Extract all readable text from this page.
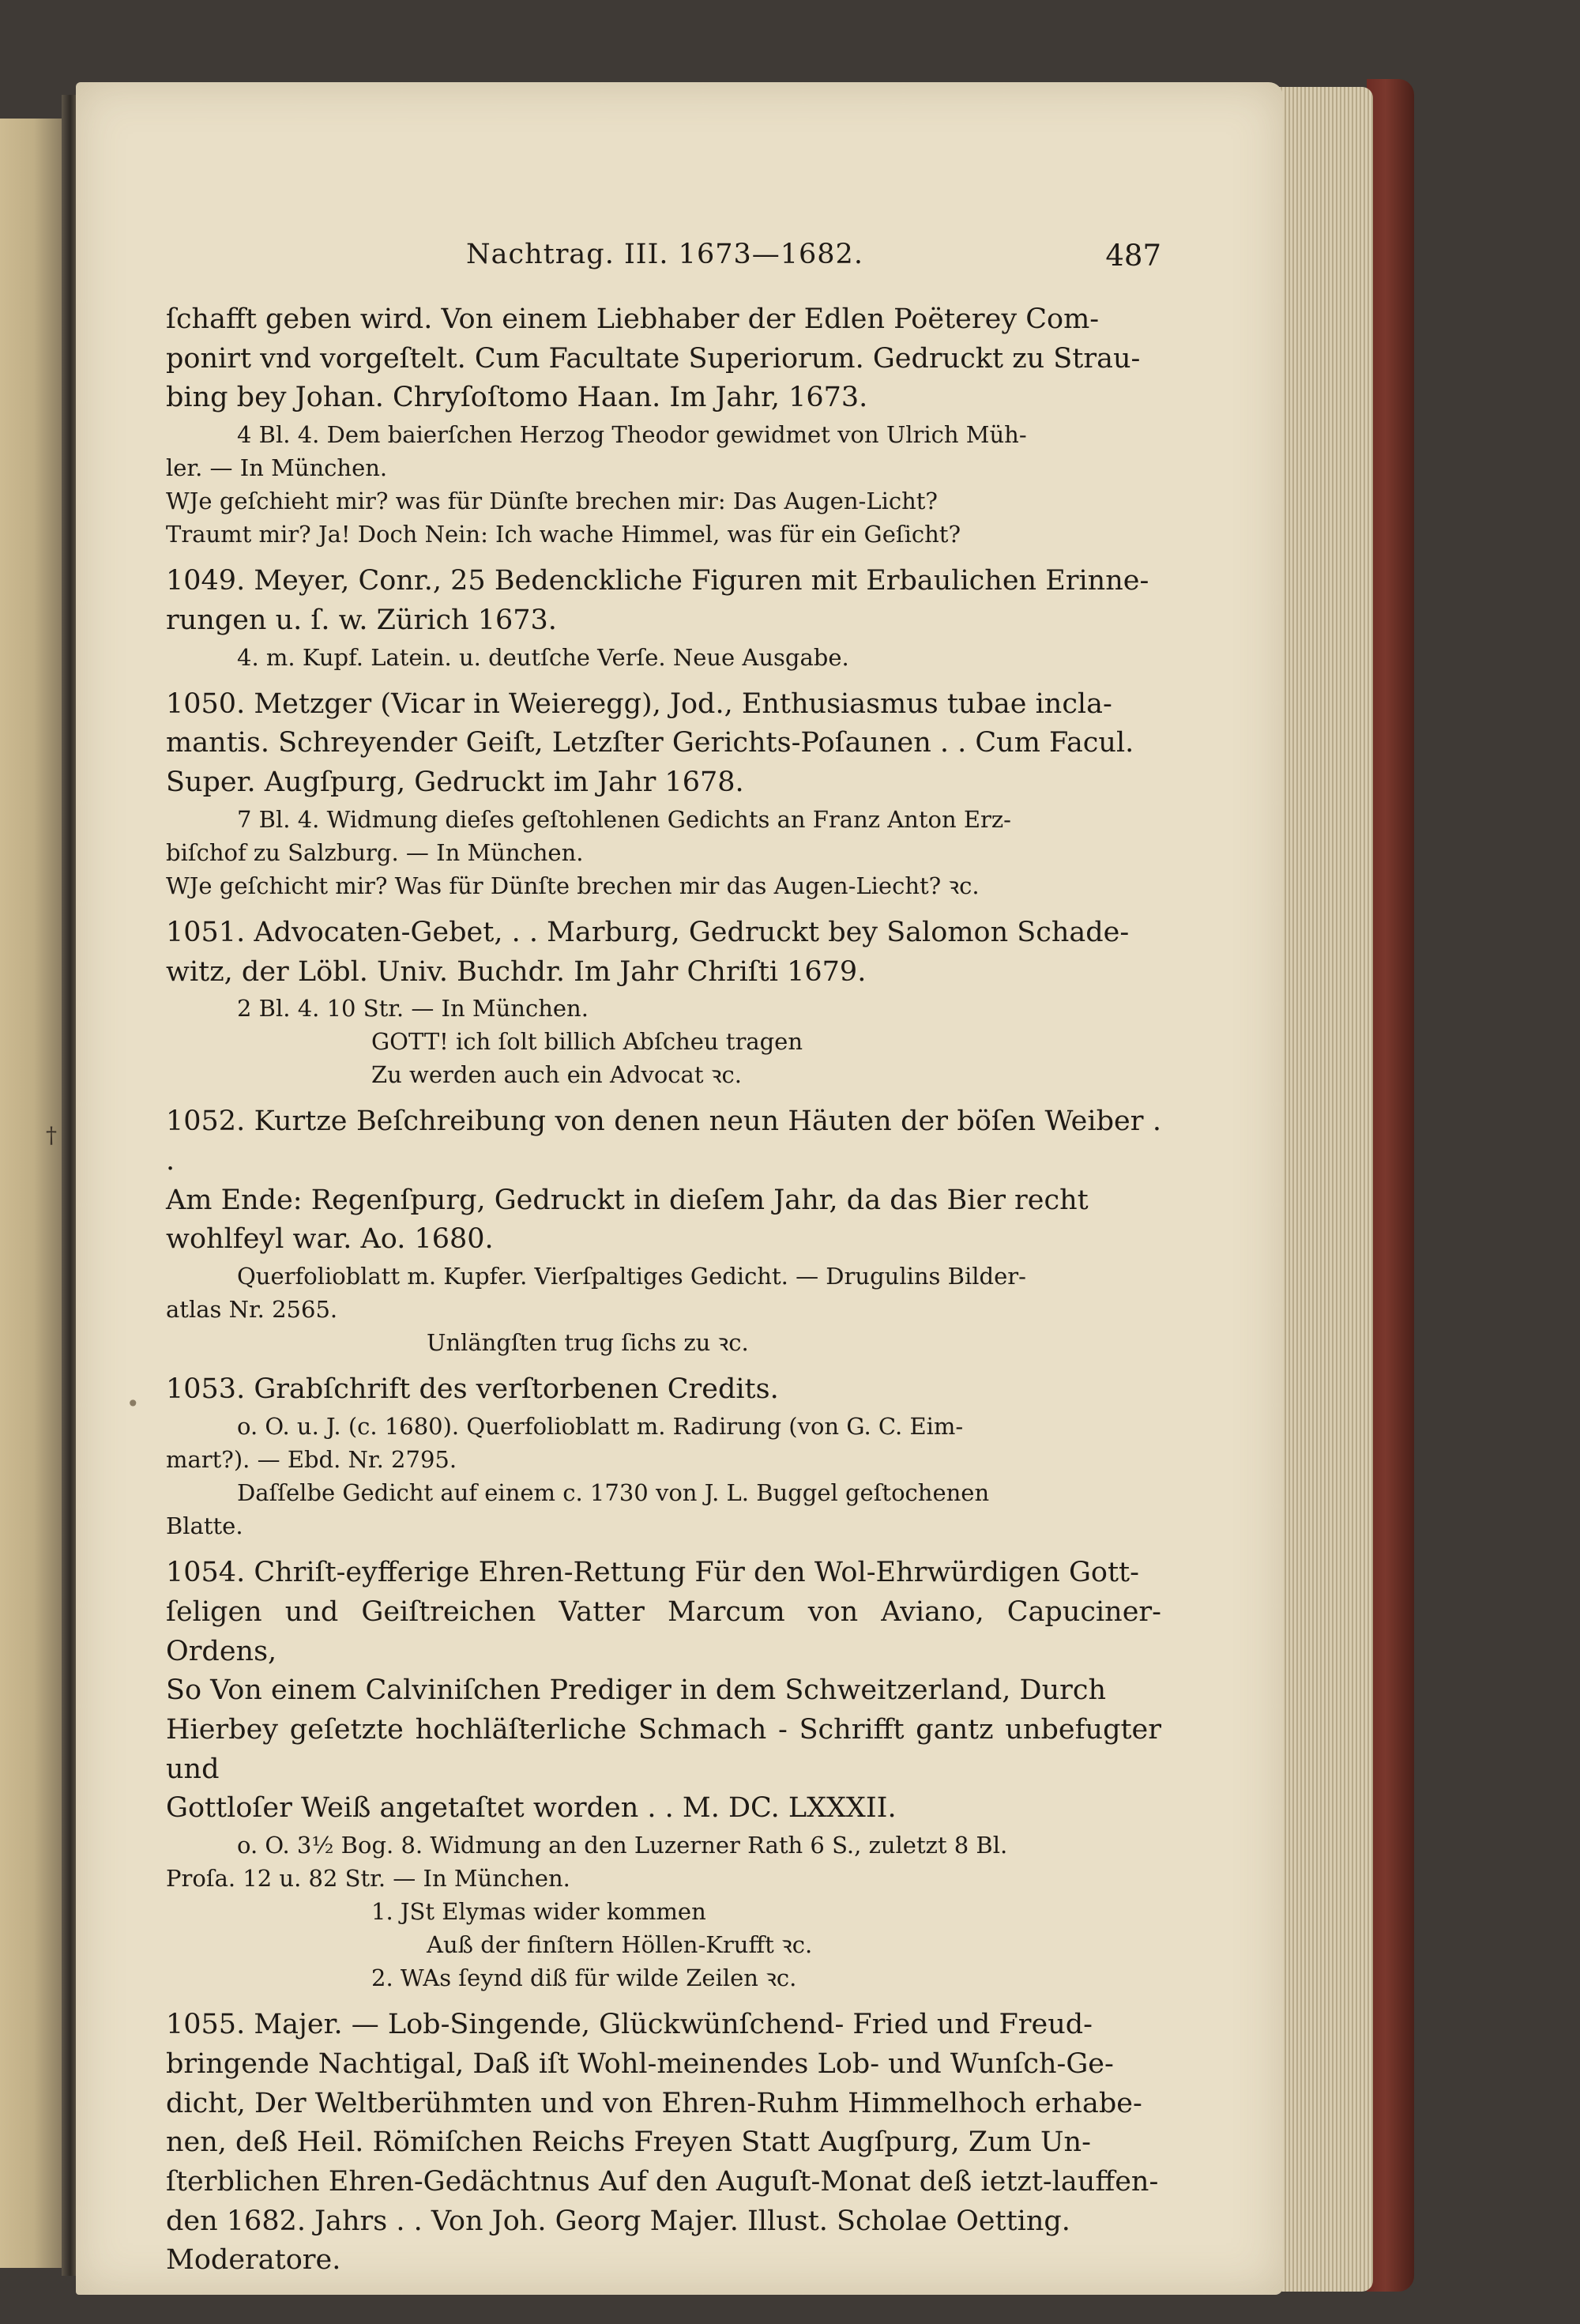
†
•
Nachtrag. III. 1673—1682.	487

ſchafft geben wird. Von einem Liebhaber der Edlen Poëterey Com-

ponirt vnd vorgeſtelt. Cum Facultate Superiorum. Gedruckt zu Strau-

bing bey Johan. Chryſoſtomo Haan. Im Jahr, 1673.

4 Bl. 4. Dem baierſchen Herzog Theodor gewidmet von Ulrich Müh-

ler. — In München.

WJe geſchieht mir? was für Dünſte brechen mir: Das Augen-Licht?

Traumt mir? Ja! Doch Nein: Ich wache Himmel, was für ein Geſicht?

1049. Meyer, Conr., 25 Bedenckliche Figuren mit Erbaulichen Erinne-

rungen u. ſ. w. Zürich 1673.

4. m. Kupf. Latein. u. deutſche Verſe. Neue Ausgabe.

1050. Metzger (Vicar in Weieregg), Jod., Enthusiasmus tubae incla-

mantis. Schreyender Geiſt, Letzſter Gerichts-Poſaunen . . Cum Facul.

Super. Augſpurg, Gedruckt im Jahr 1678.

7 Bl. 4. Widmung dieſes geſtohlenen Gedichts an Franz Anton Erz-

biſchof zu Salzburg. — In München.

WJe geſchicht mir? Was für Dünſte brechen mir das Augen-Liecht? ꝛc.

1051. Advocaten-Gebet, . . Marburg, Gedruckt bey Salomon Schade-

witz, der Löbl. Univ. Buchdr. Im Jahr Chriſti 1679.

2 Bl. 4. 10 Str. — In München.

GOTT! ich ſolt billich Abſcheu tragen

Zu werden auch ein Advocat ꝛc.

1052. Kurtze Beſchreibung von denen neun Häuten der böſen Weiber . .

Am Ende: Regenſpurg, Gedruckt in dieſem Jahr, da das Bier recht

wohlfeyl war. Ao. 1680.

Querfolioblatt m. Kupfer. Vierſpaltiges Gedicht. — Drugulins Bilder-

atlas Nr. 2565.

Unlängſten trug ſichs zu ꝛc.

1053. Grabſchrift des verſtorbenen Credits.

o. O. u. J. (c. 1680). Querfolioblatt m. Radirung (von G. C. Eim-

mart?). — Ebd. Nr. 2795.

Daſſelbe Gedicht auf einem c. 1730 von J. L. Buggel geſtochenen

Blatte.

1054. Chriſt-eyfferige Ehren-Rettung Für den Wol-Ehrwürdigen Gott-

ſeligen und Geiſtreichen Vatter Marcum von Aviano, Capuciner-Ordens,

So Von einem Calviniſchen Prediger in dem Schweitzerland, Durch

Hierbey geſetzte hochläſterliche Schmach - Schrifft gantz unbefugter und

Gottloſer Weiß angetaſtet worden . . M. DC. LXXXII.

o. O. 3½ Bog. 8. Widmung an den Luzerner Rath 6 S., zuletzt 8 Bl.

Proſa. 12 u. 82 Str. — In München.

1. JSt Elymas wider kommen

Auß der finſtern Höllen-Krufft ꝛc.

2. WAs ſeynd diß für wilde Zeilen ꝛc.

1055. Majer. — Lob-Singende, Glückwünſchend- Fried und Freud-

bringende Nachtigal, Daß iſt Wohl-meinendes Lob- und Wunſch-Ge-

dicht, Der Weltberühmten und von Ehren-Ruhm Himmelhoch erhabe-

nen, deß Heil. Römiſchen Reichs Freyen Statt Augſpurg, Zum Un-

ſterblichen Ehren-Gedächtnus Auf den Auguſt-Monat deß ietzt-lauffen-

den 1682. Jahrs . . Von Joh. Georg Majer. Illust. Scholae Oetting.

Moderatore.
